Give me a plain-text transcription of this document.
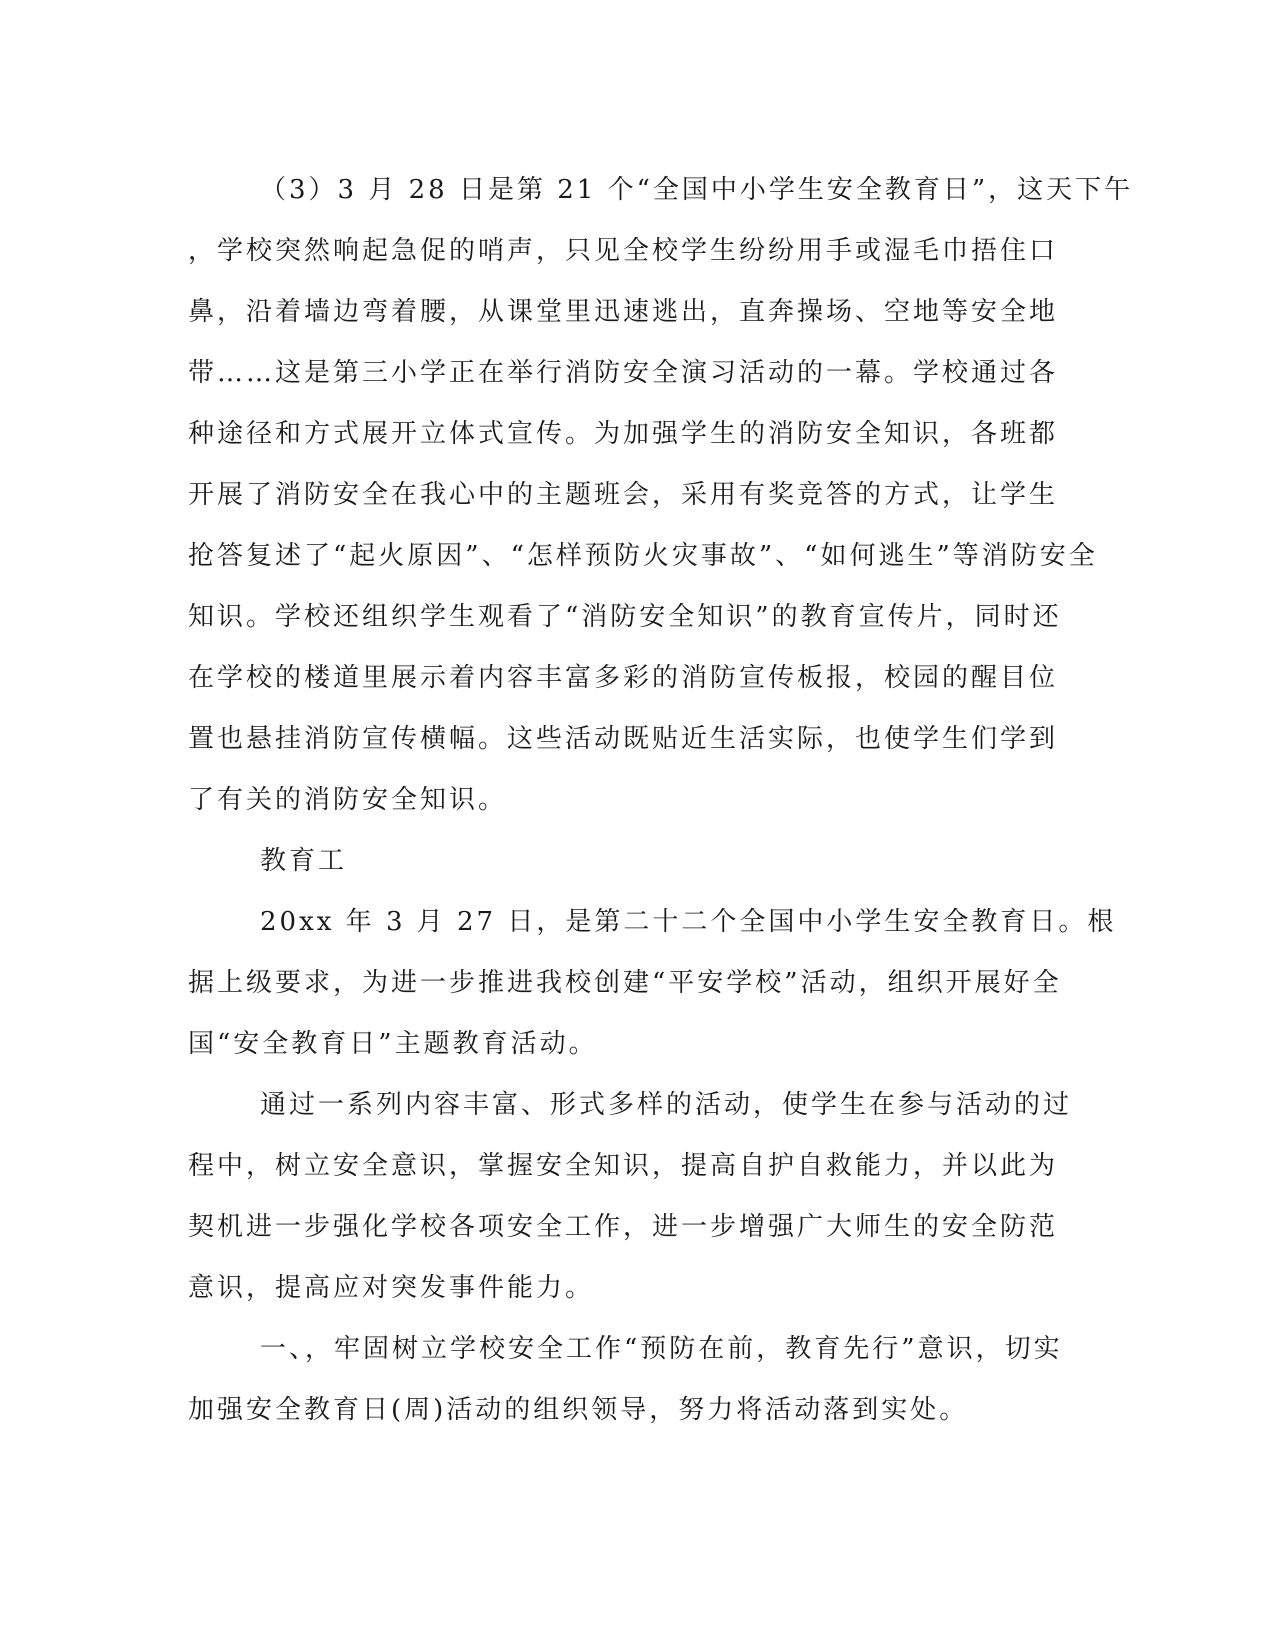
（3）3 月 28 日是第 21 个“全国中小学生安全教育日”，这天下午
，学校突然响起急促的哨声，只见全校学生纷纷用手或湿毛巾捂住口
鼻，沿着墙边弯着腰，从课堂里迅速逃出，直奔操场、空地等安全地
带……这是第三小学正在举行消防安全演习活动的一幕。学校通过各
种途径和方式展开立体式宣传。为加强学生的消防安全知识，各班都
开展了消防安全在我心中的主题班会，采用有奖竞答的方式，让学生
抢答复述了“起火原因”、“怎样预防火灾事故”、“如何逃生”等消防安全
知识。学校还组织学生观看了“消防安全知识”的教育宣传片，同时还
在学校的楼道里展示着内容丰富多彩的消防宣传板报，校园的醒目位
置也悬挂消防宣传横幅。这些活动既贴近生活实际，也使学生们学到
了有关的消防安全知识。
教育工
20xx 年 3 月 27 日，是第二十二个全国中小学生安全教育日。根
据上级要求，为进一步推进我校创建“平安学校”活动，组织开展好全
国“安全教育日”主题教育活动。
通过一系列内容丰富、形式多样的活动，使学生在参与活动的过
程中，树立安全意识，掌握安全知识，提高自护自救能力，并以此为
契机进一步强化学校各项安全工作，进一步增强广大师生的安全防范
意识，提高应对突发事件能力。
一、，牢固树立学校安全工作“预防在前，教育先行”意识，切实
加强安全教育日(周)活动的组织领导，努力将活动落到实处。
